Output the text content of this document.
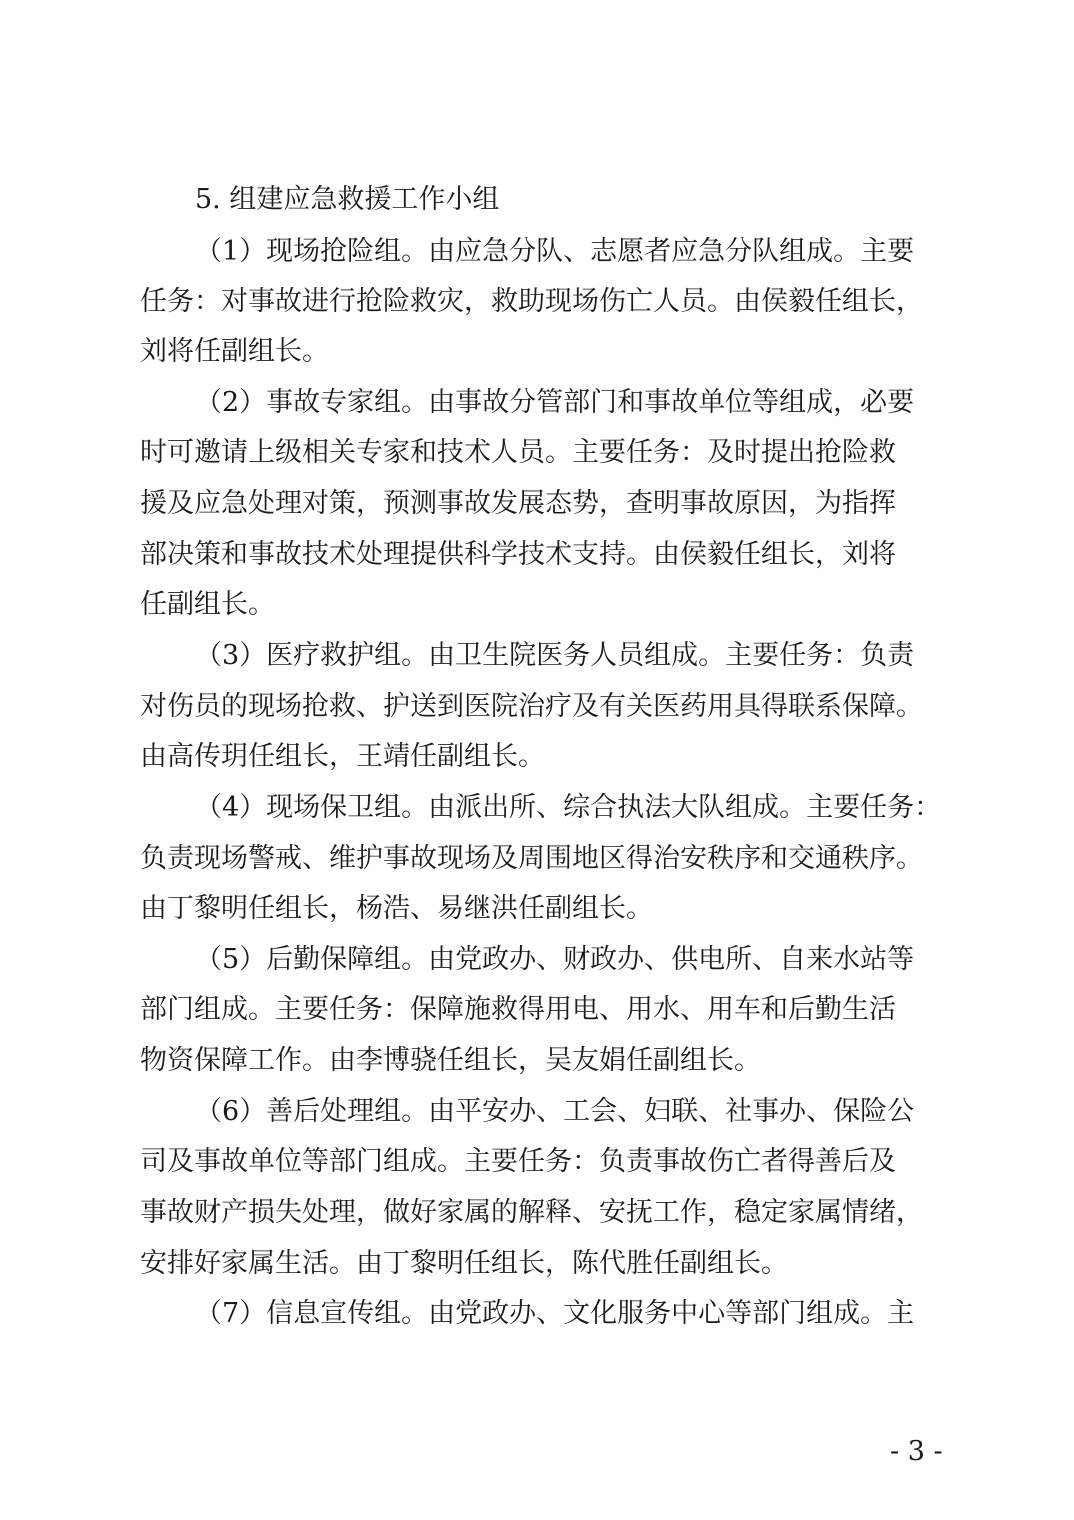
5. 组建应急救援工作小组
（1）现场抢险组。由应急分队、志愿者应急分队组成。主要
任务：对事故进行抢险救灾，救助现场伤亡人员。由侯毅任组长，
刘将任副组长。
（2）事故专家组。由事故分管部门和事故单位等组成，必要
时可邀请上级相关专家和技术人员。主要任务：及时提出抢险救
援及应急处理对策，预测事故发展态势，查明事故原因，为指挥
部决策和事故技术处理提供科学技术支持。由侯毅任组长，刘将
任副组长。
（3）医疗救护组。由卫生院医务人员组成。主要任务：负责
对伤员的现场抢救、护送到医院治疗及有关医药用具得联系保障。
由高传玥任组长，王靖任副组长。
（4）现场保卫组。由派出所、综合执法大队组成。主要任务：
负责现场警戒、维护事故现场及周围地区得治安秩序和交通秩序。
由丁黎明任组长，杨浩、易继洪任副组长。
（5）后勤保障组。由党政办、财政办、供电所、自来水站等
部门组成。主要任务：保障施救得用电、用水、用车和后勤生活
物资保障工作。由李博骁任组长，吴友娟任副组长。
（6）善后处理组。由平安办、工会、妇联、社事办、保险公
司及事故单位等部门组成。主要任务：负责事故伤亡者得善后及
事故财产损失处理，做好家属的解释、安抚工作，稳定家属情绪，
安排好家属生活。由丁黎明任组长，陈代胜任副组长。
（7）信息宣传组。由党政办、文化服务中心等部门组成。主
- 3 -
